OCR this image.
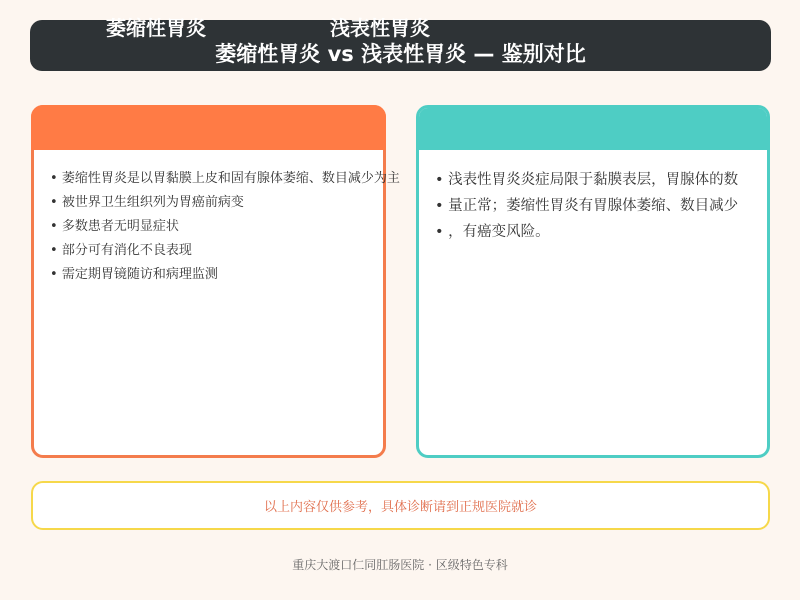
萎缩性胃炎 vs 浅表性胃炎 — 鉴别对比
• 萎缩性胃炎是以胃黏膜上皮和固有腺体萎缩、数目减少为主
• 被世界卫生组织列为胃癌前病变
• 多数患者无明显症状
• 部分可有消化不良表现
• 需定期胃镜随访和病理监测
• 浅表性胃炎炎症局限于黏膜表层，胃腺体的数
• 量正常；萎缩性胃炎有胃腺体萎缩、数目减少
• ，有癌变风险。
萎缩性胃炎	浅表性胃炎
以上内容仅供参考，具体诊断请到正规医院就诊
重庆大渡口仁同肛肠医院 · 区级特色专科
